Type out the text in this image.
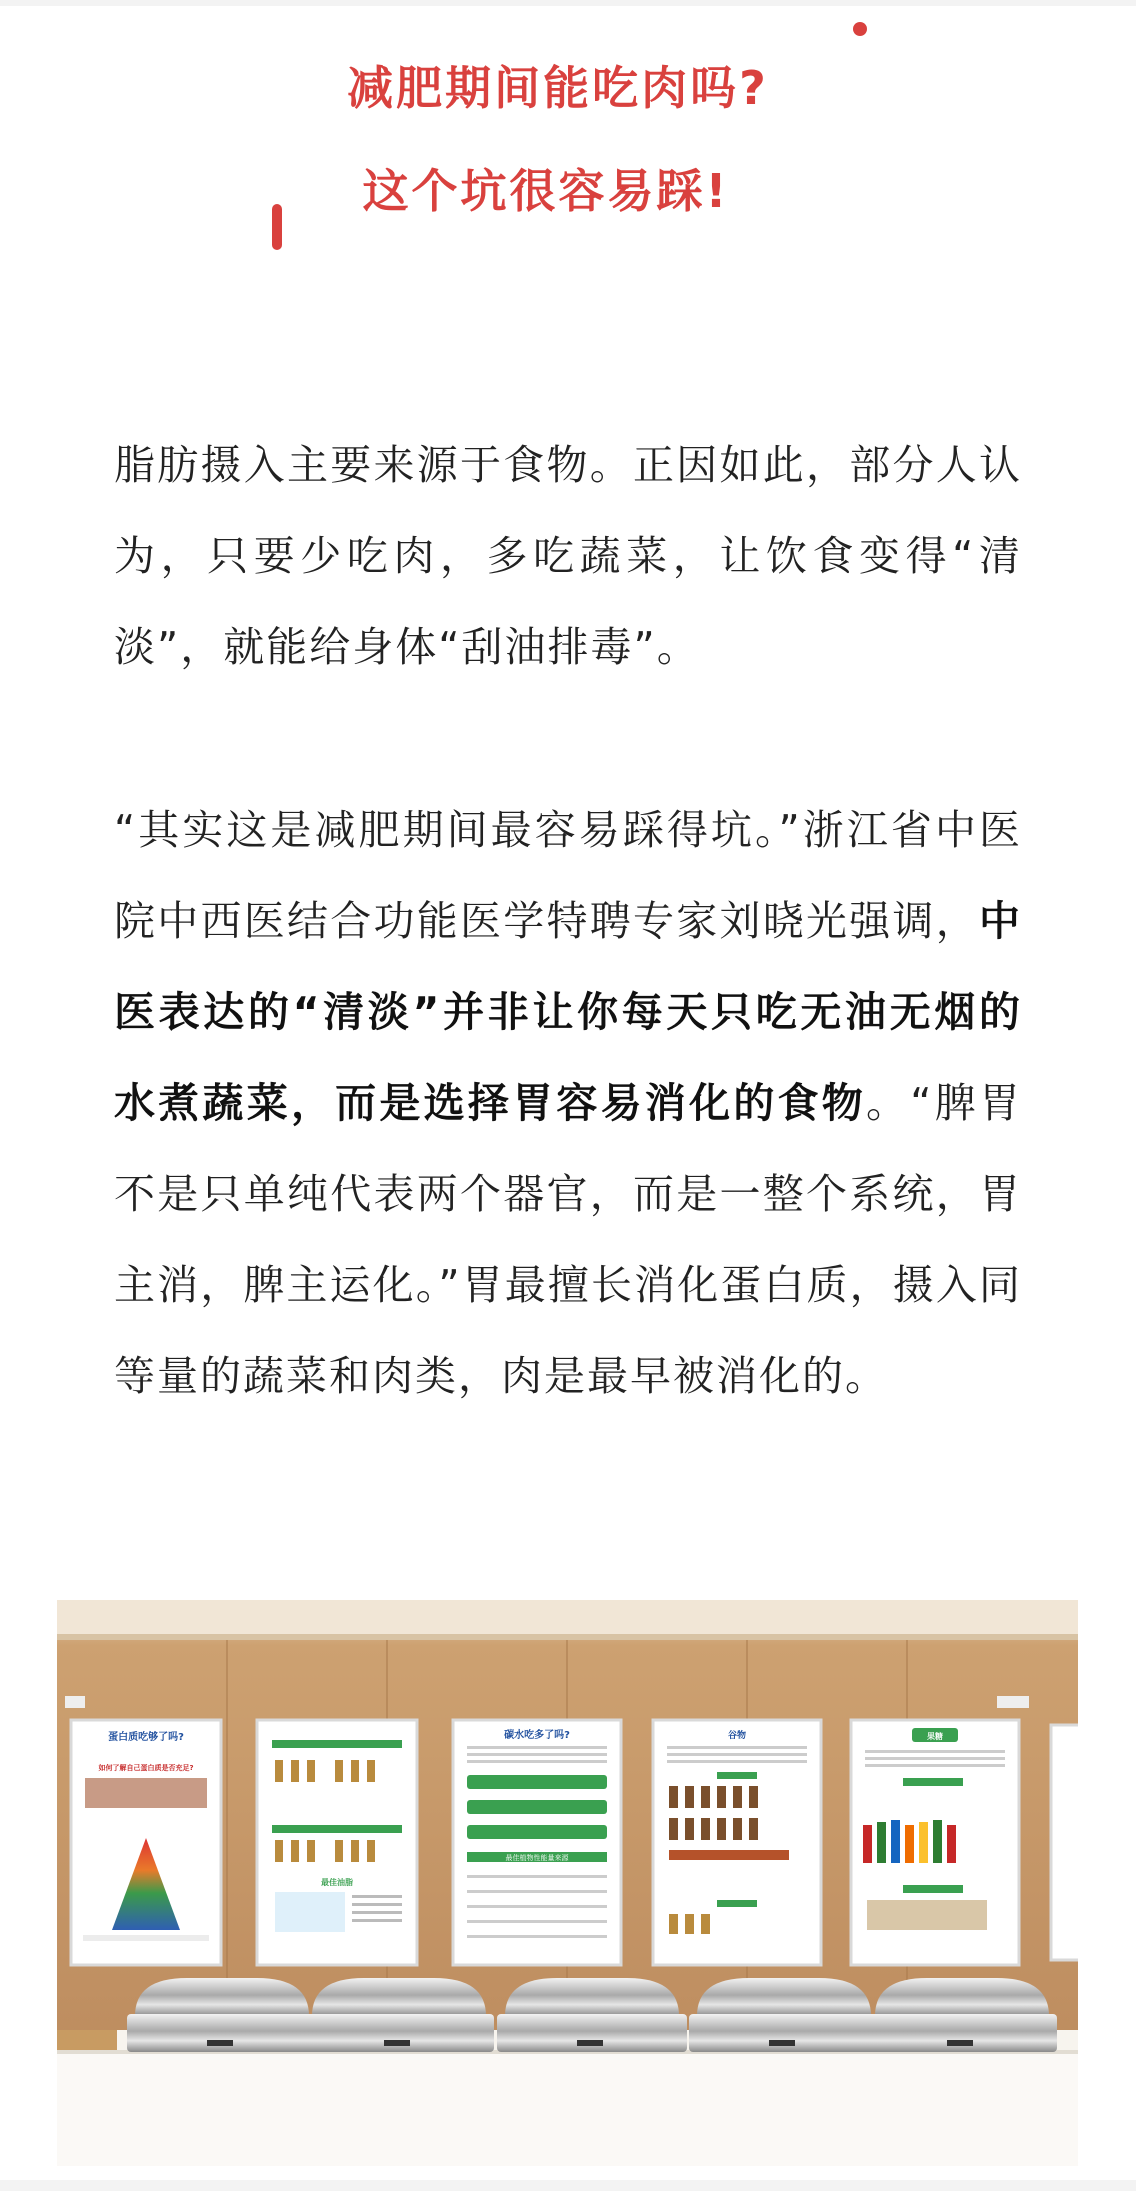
减肥期间能吃肉吗?
这个坑很容易踩!

脂肪摄入主要来源于食物。正因如此，部分人认为，只要少吃肉，多吃蔬菜，让饮食变得“清淡”，就能给身体“刮油排毒”。

“其实这是减肥期间最容易踩得坑。”浙江省中医院中西医结合功能医学特聘专家刘晓光强调，中医表达的“清淡”并非让你每天只吃无油无烟的水煮蔬菜，而是选择胃容易消化的食物。“脾胃不是只单纯代表两个器官，而是一整个系统，胃主消，脾主运化。”胃最擅长消化蛋白质，摄入同等量的蔬菜和肉类，肉是最早被消化的。

蛋白质吃够了吗?
如何了解自己蛋白质是否充足?
最佳油脂
碳水吃多了吗?
最佳植物性能量来源
谷物	果糖
